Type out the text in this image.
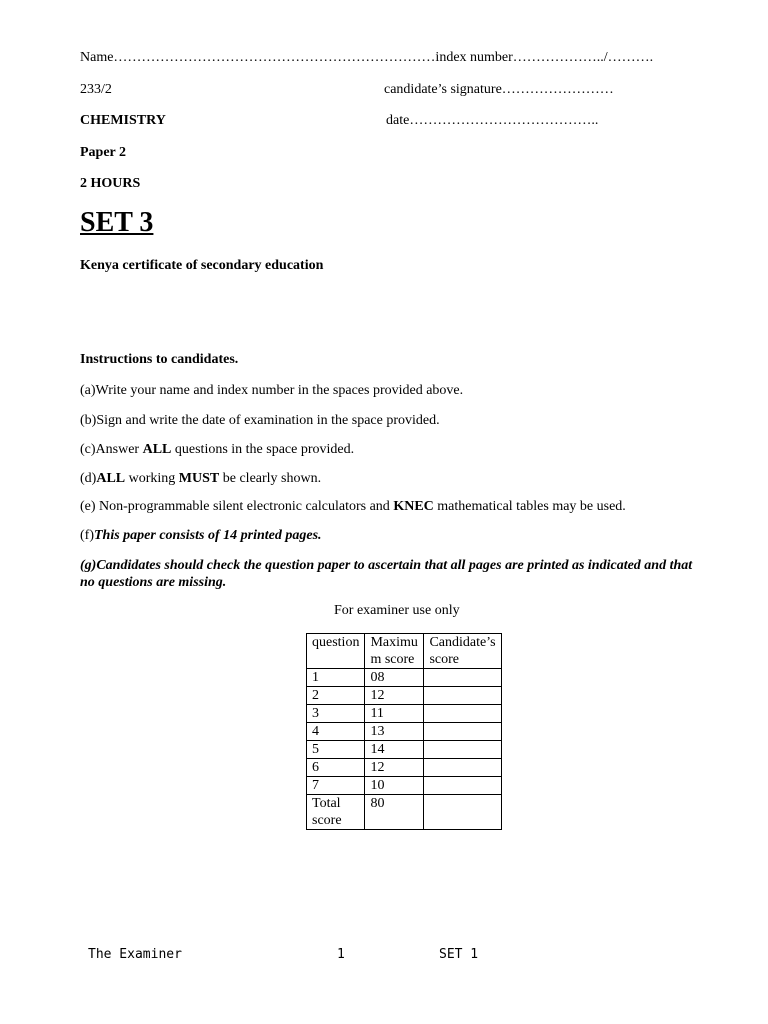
Name……………………………………………………………index number………………../……….
233/2	candidate’s signature……………………
CHEMISTRY	date…………………………………..
Paper 2
2 HOURS
SET 3
Kenya certificate of secondary education
Instructions to candidates.
(a)Write your name and index number in the spaces provided above.
(b)Sign and write the date of examination in the space provided.
(c)Answer ALL questions in the space provided.
(d)ALL working MUST be clearly shown.
(e) Non-programmable silent electronic calculators and KNEC mathematical tables may be used.
(f)This paper consists of 14 printed pages.
(g)Candidates should check the question paper to ascertain that all pages are printed as indicated and that no questions are missing.
For examiner use only
question	Maximum score	Candidate’s score
1	08	
2	12	
3	11	
4	13	
5	14	
6	12	
7	10	
Total score	80	
The Examiner	1	SET 1
